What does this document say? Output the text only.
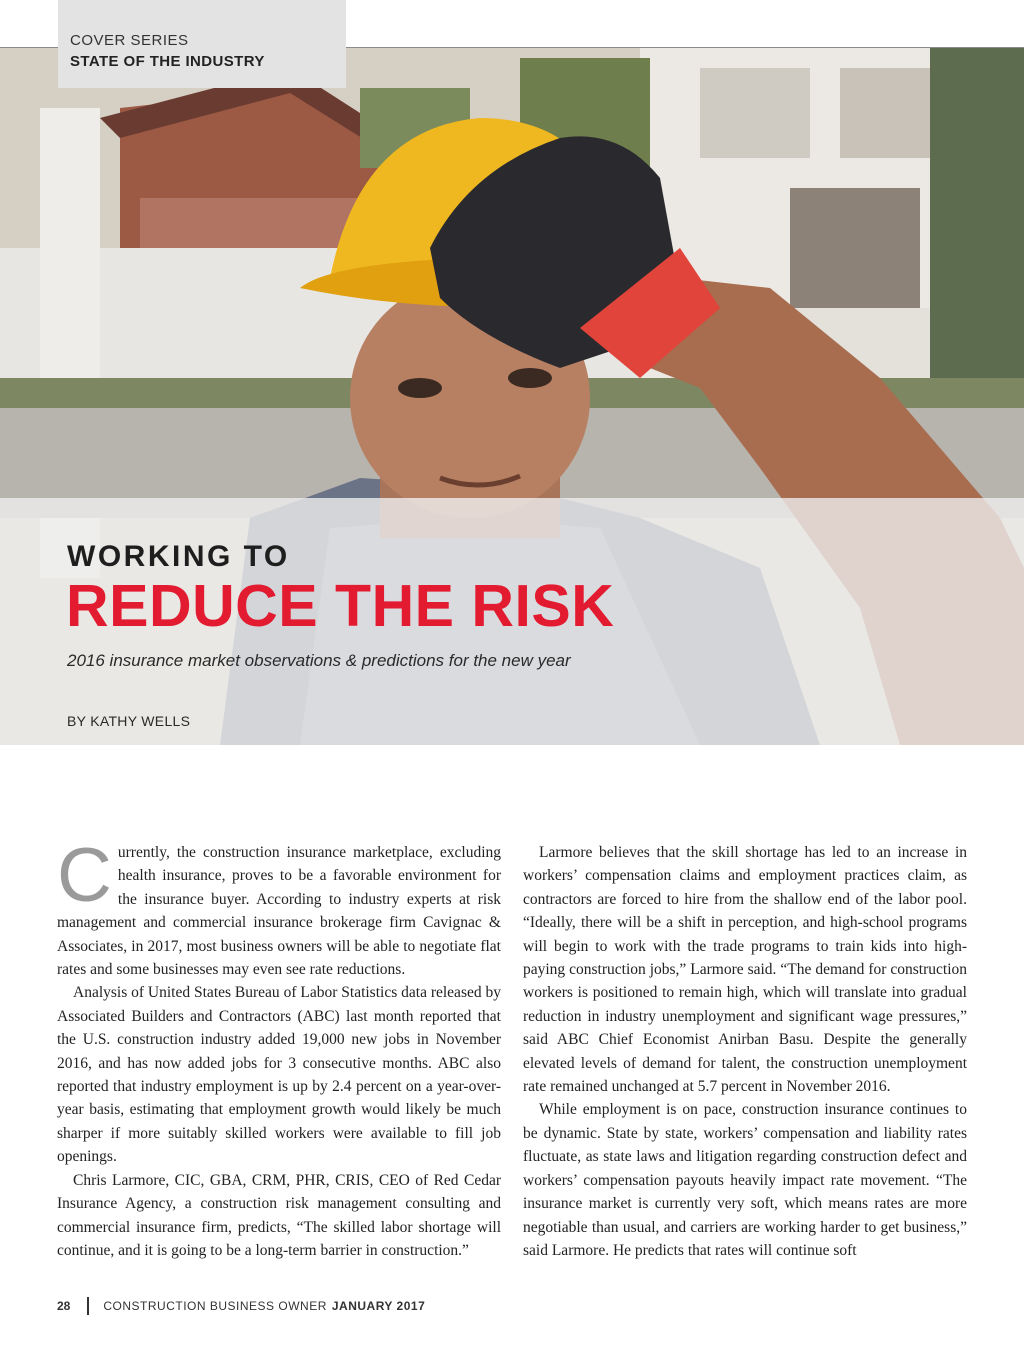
COVER SERIES
STATE OF THE INDUSTRY
WORKING TO
REDUCE THE RISK
2016 insurance market observations & predictions for the new year
BY KATHY WELLS

Currently, the construction insurance marketplace, excluding health insurance, proves to be a favorable environment for the insurance buyer. According to industry experts at risk management and commercial insurance brokerage firm Cavignac & Associates, in 2017, most business owners will be able to negotiate flat rates and some businesses may even see rate reductions.

Analysis of United States Bureau of Labor Statistics data released by Associated Builders and Contractors (ABC) last month reported that the U.S. construction industry added 19,000 new jobs in November 2016, and has now added jobs for 3 consecutive months. ABC also reported that industry employment is up by 2.4 percent on a year-over-year basis, estimating that employment growth would likely be much sharper if more suitably skilled workers were available to fill job openings.

Chris Larmore, CIC, GBA, CRM, PHR, CRIS, CEO of Red Cedar Insurance Agency, a construction risk management consulting and commercial insurance firm, predicts, “The skilled labor shortage will continue, and it is going to be a long-term barrier in construction.”

Larmore believes that the skill shortage has led to an increase in workers’ compensation claims and employment practices claim, as contractors are forced to hire from the shallow end of the labor pool. “Ideally, there will be a shift in perception, and high-school programs will begin to work with the trade programs to train kids into high-paying construction jobs,” Larmore said. “The demand for construction workers is positioned to remain high, which will translate into gradual reduction in industry unemployment and significant wage pressures,” said ABC Chief Economist Anirban Basu. Despite the generally elevated levels of demand for talent, the construction unemployment rate remained unchanged at 5.7 percent in November 2016.

While employment is on pace, construction insurance continues to be dynamic. State by state, workers’ compensation and liability rates fluctuate, as state laws and litigation regarding construction defect and workers’ compensation payouts heavily impact rate movement. “The insurance market is currently very soft, which means rates are more negotiable than usual, and carriers are working harder to get business,” said Larmore. He predicts that rates will continue soft

28	CONSTRUCTION BUSINESS OWNER JANUARY 2017
